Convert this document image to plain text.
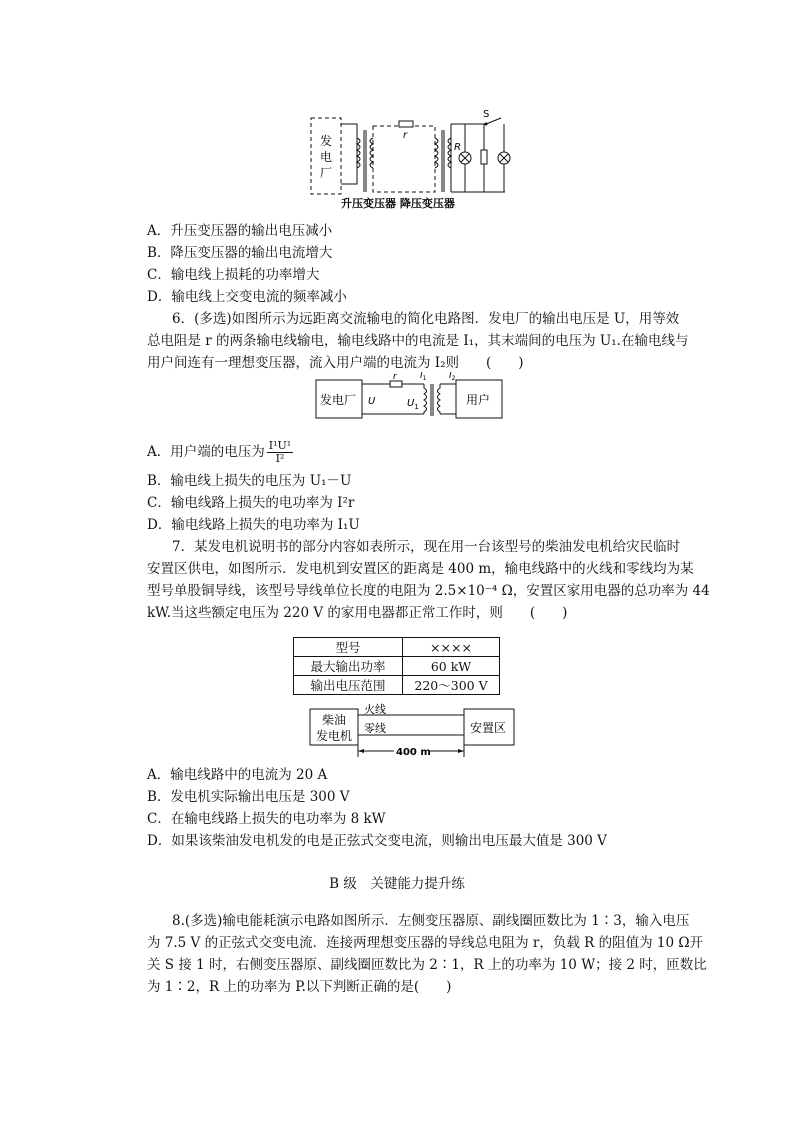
发
电
厂
r
R
S
升压变压器 降压变压器
A．升压变压器的输出电压减小
B．降压变压器的输出电流增大
C．输电线上损耗的功率增大
D．输电线上交变电流的频率减小
6．(多选)如图所示为远距离交流输电的简化电路图．发电厂的输出电压是 U，用等效
总电阻是 r 的两条输电线输电，输电线路中的电流是 I₁，其末端间的电压为 U₁.在输电线与
用户间连有一理想变压器，流入用户端的电流为 I₂则　　(　　)
发电厂
r
U	$U_1$
$I_1$	$I_2$
用户
A．用户端的电压为 $\frac{\text{I¹U¹}}{\text{I²}}$
B．输电线上损失的电压为 U₁－U
C．输电线路上损失的电功率为 I²r
D．输电线路上损失的电功率为 I₁U
7．某发电机说明书的部分内容如表所示，现在用一台该型号的柴油发电机给灾民临时
安置区供电，如图所示．发电机到安置区的距离是 400 m，输电线路中的火线和零线均为某
型号单股铜导线，该型号导线单位长度的电阻为 2.5×10⁻⁴ Ω，安置区家用电器的总功率为 44
kW.当这些额定电压为 220 V 的家用电器都正常工作时，则　　(　　)
型号	××××
最大输出功率	60 kW
输出电压范围	220～300 V
柴油
发电机
火线
零线	安置区
400 m
A．输电线路中的电流为 20 A
B．发电机实际输出电压是 300 V
C．在输电线路上损失的电功率为 8 kW
D．如果该柴油发电机发的电是正弦式交变电流，则输出电压最大值是 300 V
B 级　关键能力提升练
8.(多选)输电能耗演示电路如图所示．左侧变压器原、副线圈匝数比为 1∶3，输入电压
为 7.5 V 的正弦式交变电流．连接两理想变压器的导线总电阻为 r，负载 R 的阻值为 10 Ω开
关 S 接 1 时，右侧变压器原、副线圈匝数比为 2∶1，R 上的功率为 10 W；接 2 时，匝数比
为 1∶2，R 上的功率为 P.以下判断正确的是(　　)
